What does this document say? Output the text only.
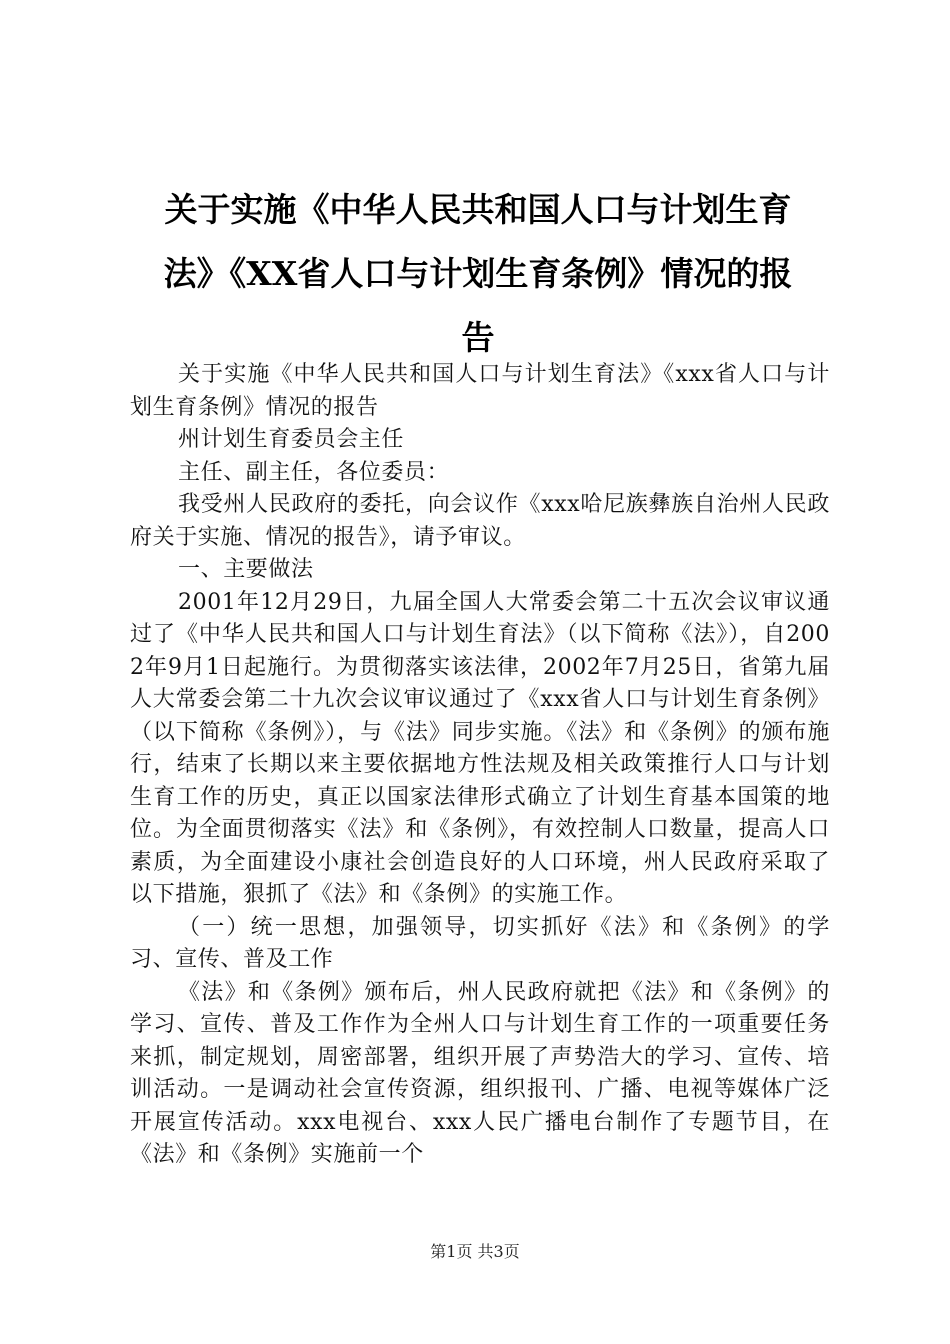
关于实施《中华人民共和国人口与计划生育
法》《XX省人口与计划生育条例》情况的报
告

关于实施《中华人民共和国人口与计划生育法》《xxx省人口与计划生育条例》情况的报告

州计划生育委员会主任

主任、副主任，各位委员：

我受州人民政府的委托，向会议作《xxx哈尼族彝族自治州人民政府关于实施、情况的报告》，请予审议。

一、主要做法

2001年12月29日，九届全国人大常委会第二十五次会议审议通过了《中华人民共和国人口与计划生育法》（以下简称《法》），自2002年9月1日起施行。为贯彻落实该法律，2002年7月25日，省第九届人大常委会第二十九次会议审议通过了《xxx省人口与计划生育条例》（以下简称《条例》），与《法》同步实施。《法》和《条例》的颁布施行，结束了长期以来主要依据地方性法规及相关政策推行人口与计划生育工作的历史，真正以国家法律形式确立了计划生育基本国策的地位。为全面贯彻落实《法》和《条例》，有效控制人口数量，提高人口素质，为全面建设小康社会创造良好的人口环境，州人民政府采取了以下措施，狠抓了《法》和《条例》的实施工作。

（一）统一思想，加强领导，切实抓好《法》和《条例》的学习、宣传、普及工作

《法》和《条例》颁布后，州人民政府就把《法》和《条例》的学习、宣传、普及工作作为全州人口与计划生育工作的一项重要任务来抓，制定规划，周密部署，组织开展了声势浩大的学习、宣传、培训活动。一是调动社会宣传资源，组织报刊、广播、电视等媒体广泛开展宣传活动。xxx电视台、xxx人民广播电台制作了专题节目，在《法》和《条例》实施前一个

第1页 共3页
